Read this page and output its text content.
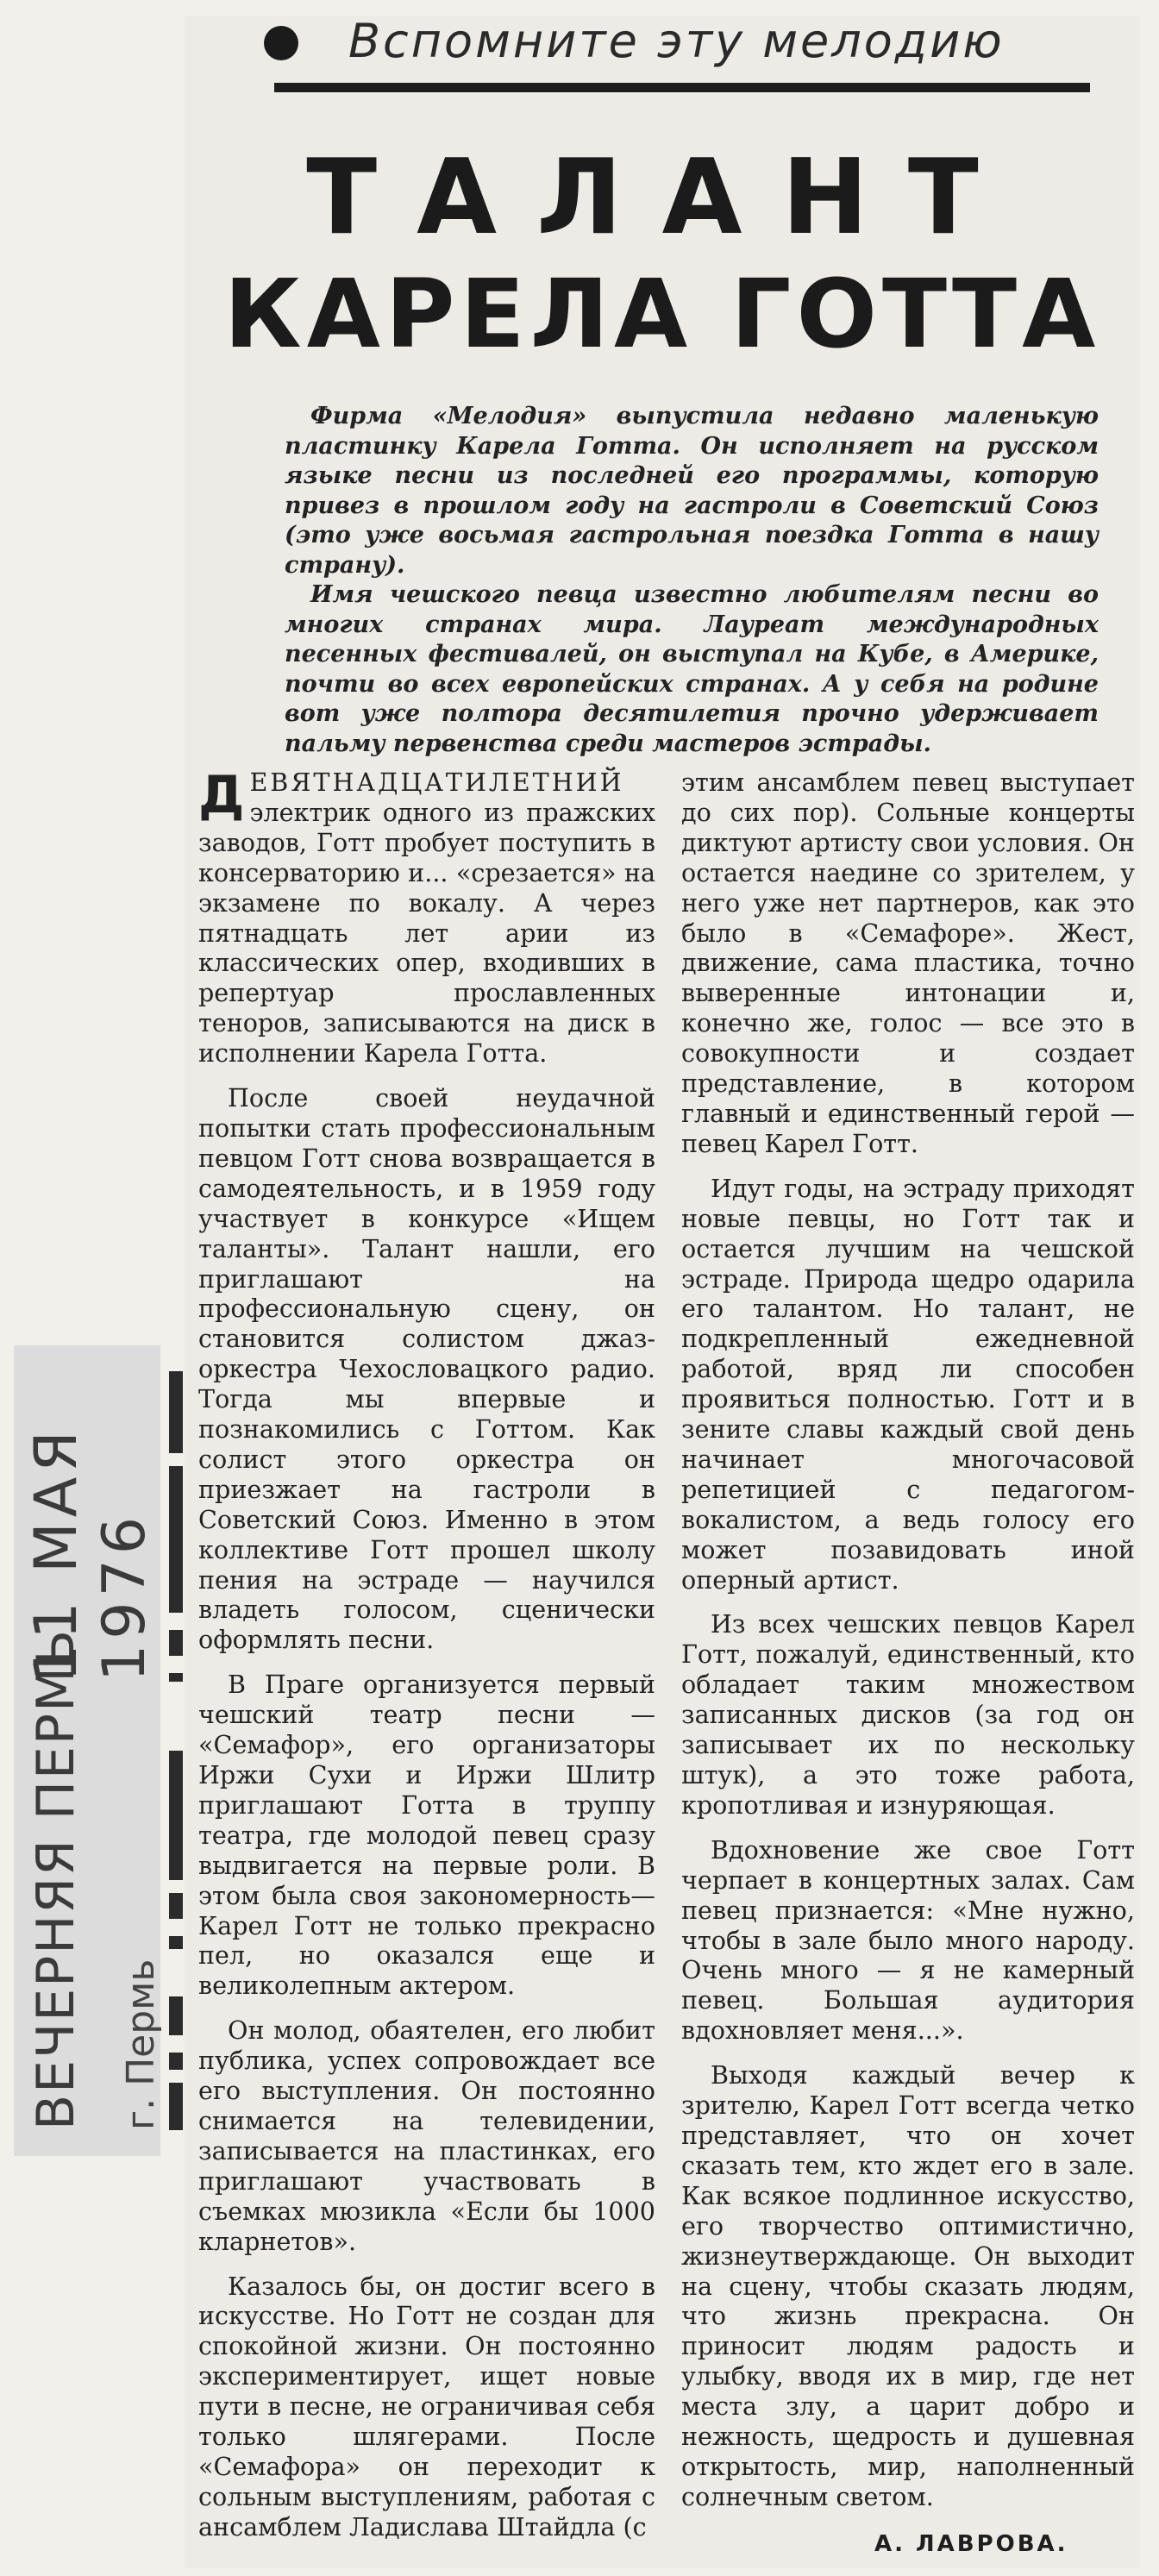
Вспомните эту мелодию
ТАЛАНТ
КАРЕЛА ГОТТА

Фирма «Мелодия» выпустила недавно маленькую пластинку Карела Готта. Он исполняет на русском языке песни из последней его программы, которую привез в прошлом году на гастроли в Советский Союз (это уже восьмая гастрольная поездка Готта в нашу страну).

Имя чешского певца известно любителям песни во многих странах мира. Лауреат международных песенных фестивалей, он выступал на Кубе, в Америке, почти во всех европейских странах. А у себя на родине вот уже полтора десятилетия прочно удерживает пальму первенства среди мастеров эстрады.

ДЕВЯТНАДЦАТИЛЕТНИЙ электрик одного из пражских заводов, Готт пробует поступить в консерваторию и... «срезается» на экзамене по вокалу. А через пятнадцать лет арии из классических опер, входивших в репертуар прославленных теноров, записываются на диск в исполнении Карела Готта.

После своей неудачной попытки стать профессиональным певцом Готт снова возвращается в самодеятельность, и в 1959 году участвует в конкурсе «Ищем таланты». Талант нашли, его приглашают на профессиональную сцену, он становится солистом джаз-оркестра Чехословацкого радио. Тогда мы впервые и познакомились с Готтом. Как солист этого оркестра он приезжает на гастроли в Советский Союз. Именно в этом коллективе Готт прошел школу пения на эстраде — научился владеть голосом, сценически оформлять песни.

В Праге организуется первый чешский театр песни — «Семафор», его организаторы Иржи Сухи и Иржи Шлитр приглашают Готта в труппу театра, где молодой певец сразу выдвигается на первые роли. В этом была своя закономерность—Карел Готт не только прекрасно пел, но оказался еще и великолепным актером.

Он молод, обаятелен, его любит публика, успех сопровождает все его выступления. Он постоянно снимается на телевидении, записывается на пластинках, его приглашают участвовать в съемках мюзикла «Если бы 1000 кларнетов».

Казалось бы, он достиг всего в искусстве. Но Готт не создан для спокойной жизни. Он постоянно экспериментирует, ищет новые пути в песне, не ограничивая себя только шлягерами. После «Семафора» он переходит к сольным выступлениям, работая с ансамблем Ладислава Штайдла (с

этим ансамблем певец выступает до сих пор). Сольные концерты диктуют артисту свои условия. Он остается наедине со зрителем, у него уже нет партнеров, как это было в «Семафоре». Жест, движение, сама пластика, точно выверенные интонации и, конечно же, голос — все это в совокупности и создает представление, в котором главный и единственный герой — певец Карел Готт.

Идут годы, на эстраду приходят новые певцы, но Готт так и остается лучшим на чешской эстраде. Природа щедро одарила его талантом. Но талант, не подкрепленный ежедневной работой, вряд ли способен проявиться полностью. Готт и в зените славы каждый свой день начинает многочасовой репетицией с педагогом-вокалистом, а ведь голосу его может позавидовать иной оперный артист.

Из всех чешских певцов Карел Готт, пожалуй, единственный, кто обладает таким множеством записанных дисков (за год он записывает их по нескольку штук), а это тоже работа, кропотливая и изнуряющая.

Вдохновение же свое Готт черпает в концертных залах. Сам певец признается: «Мне нужно, чтобы в зале было много народу. Очень много — я не камерный певец. Большая аудитория вдохновляет меня...».

Выходя каждый вечер к зрителю, Карел Готт всегда четко представляет, что он хочет сказать тем, кто ждет его в зале. Как всякое подлинное искусство, его творчество оптимистично, жизнеутверждающе. Он выходит на сцену, чтобы сказать людям, что жизнь прекрасна. Он приносит людям радость и улыбку, вводя их в мир, где нет места злу, а царит добро и нежность, щедрость и душевная открытость, мир, наполненный солнечным светом.

А. ЛАВРОВА.
ВЕЧЕРНЯЯ ПЕРМЬ
11 МАЯ 1976
г. Пермь
